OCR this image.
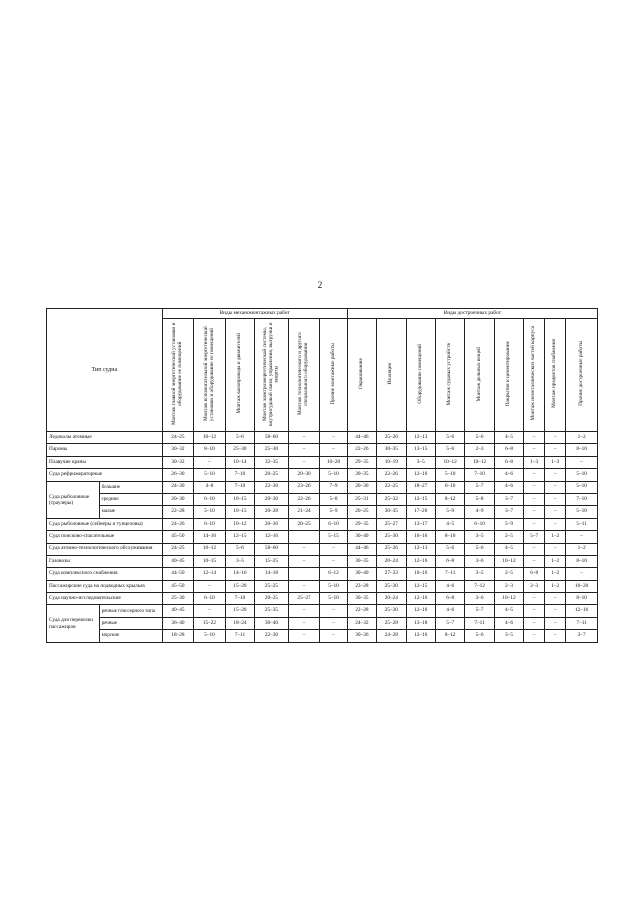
2
Тип судна		Виды механомонтажных работ						Виды достроечных работ								
		Монтаж главной энергетической установки и оборудование ее помещений	Монтаж вспомогательной энергетической установки и оборудование ее помещений	Монтаж валопровода и движителей	Монтаж электроэнергетической системы, внутрисудовой связи, управления, выгрузки и защиты	Монтаж технологического и другого специального оборудования	Прочие монтажные работы	Окрашивание	Изоляция	Оборудование помещений	Монтаж судовых устройств	Монтаж дельных вещей	Покрытия и цементирование	Монтаж неметаллических частей корпуса	Монтаж предметов снабжения	Прочие достроечные работы
Ледоколы атомные		24–25	10–12	5–6	58–60	–	–	44–46	25–26	12–13	5–6	5–6	4–5	–	–	1–2
Паромы		30–32	8–10	25–30	25–30	–	–	22–26	30–35	13–15	5–6	2–3	6–8	–	–	8–10
Плавучие краны		30–32	–	10–14	32–35	–	10–20	29–35	10–19	3–5	10–12	10–12	6–8	1–3	1–3	–
Суда рефрижераторные		26–30	5–10	7–10	20–25	20–30	5–10	30–35	22–26	12–16	5–10	7–10	4–6	–	–	5–10
Суда рыболовные (траулеры)	большие	24–30	4–8	7–10	22–30	23–26	7–9	20–30	22–25	18–27	6–10	5–7	4–6	–	–	5–10
	средние	20–30	6–10	10–15	20–30	22–26	5–8	25–31	25–32	12–15	8–12	5–8	3–7	–	–	7–10
	малые	22–28	5–10	10–15	20–28	21–24	5–9	20–25	30–35	17–20	5–9	4–9	3–7	–	–	5–10
Суда рыболовные (сейнеры и тунцеловы)		24–26	6–10	10–12	20–30	20–25	6–10	29–35	25–27	13–17	4–5	6–10	5–9	–	–	5–11
Суда поисково-спасательные		45–50	14–16	12–15	12–16		5–15	30–40	25–30	10–16	8–10	3–5	2–5	5–7	1–2	–
Суда атомно-технологического обслуживания		24–25	10–12	5–6	58–60	–	–	44–46	25–26	12–13	5–6	5–6	4–5	–	–	1–2
Газовозы		40–45	10–15	3–5	15–25	–	–	30–35	20–24	12–16	6–8	3–6	10–12	–	1–2	8–10
Суда комплексного снабжения		44–50	12–14	14–16	14–18		6–12	30–40	27–33	10–16	7–11	3–5	2–5	6–8	1–2	–
Пассажирские суда на подводных крыльях		45–50	–	15–20	25–25	–	5–10	23–28	25–30	12–15	4–6	7–12	2–3	2–3	1–2	10–20
Суда научно-исследовательские		25–30	6–10	7–10	20–25	25–27	5–10	30–35	20–24	12–16	6–8	3–6	10–12	–	–	8–10
Суда для перевозки пассажиров	речные глиссерного типа	40–45	–	15–20	25–35	–	–	22–28	25–30	12–16	4–6	5–7	4–5	–	–	12–16
	речные	36–40	15–22	18–24	30–40	–	–	24–32	25–28	13–18	5–7	7–11	4–6	–	–	7–11
	морские	18–28	5–10	7–11	22–30	–	–	30–36	24–28	12–16	8–12	5–6	3–5	–	–	3–7
